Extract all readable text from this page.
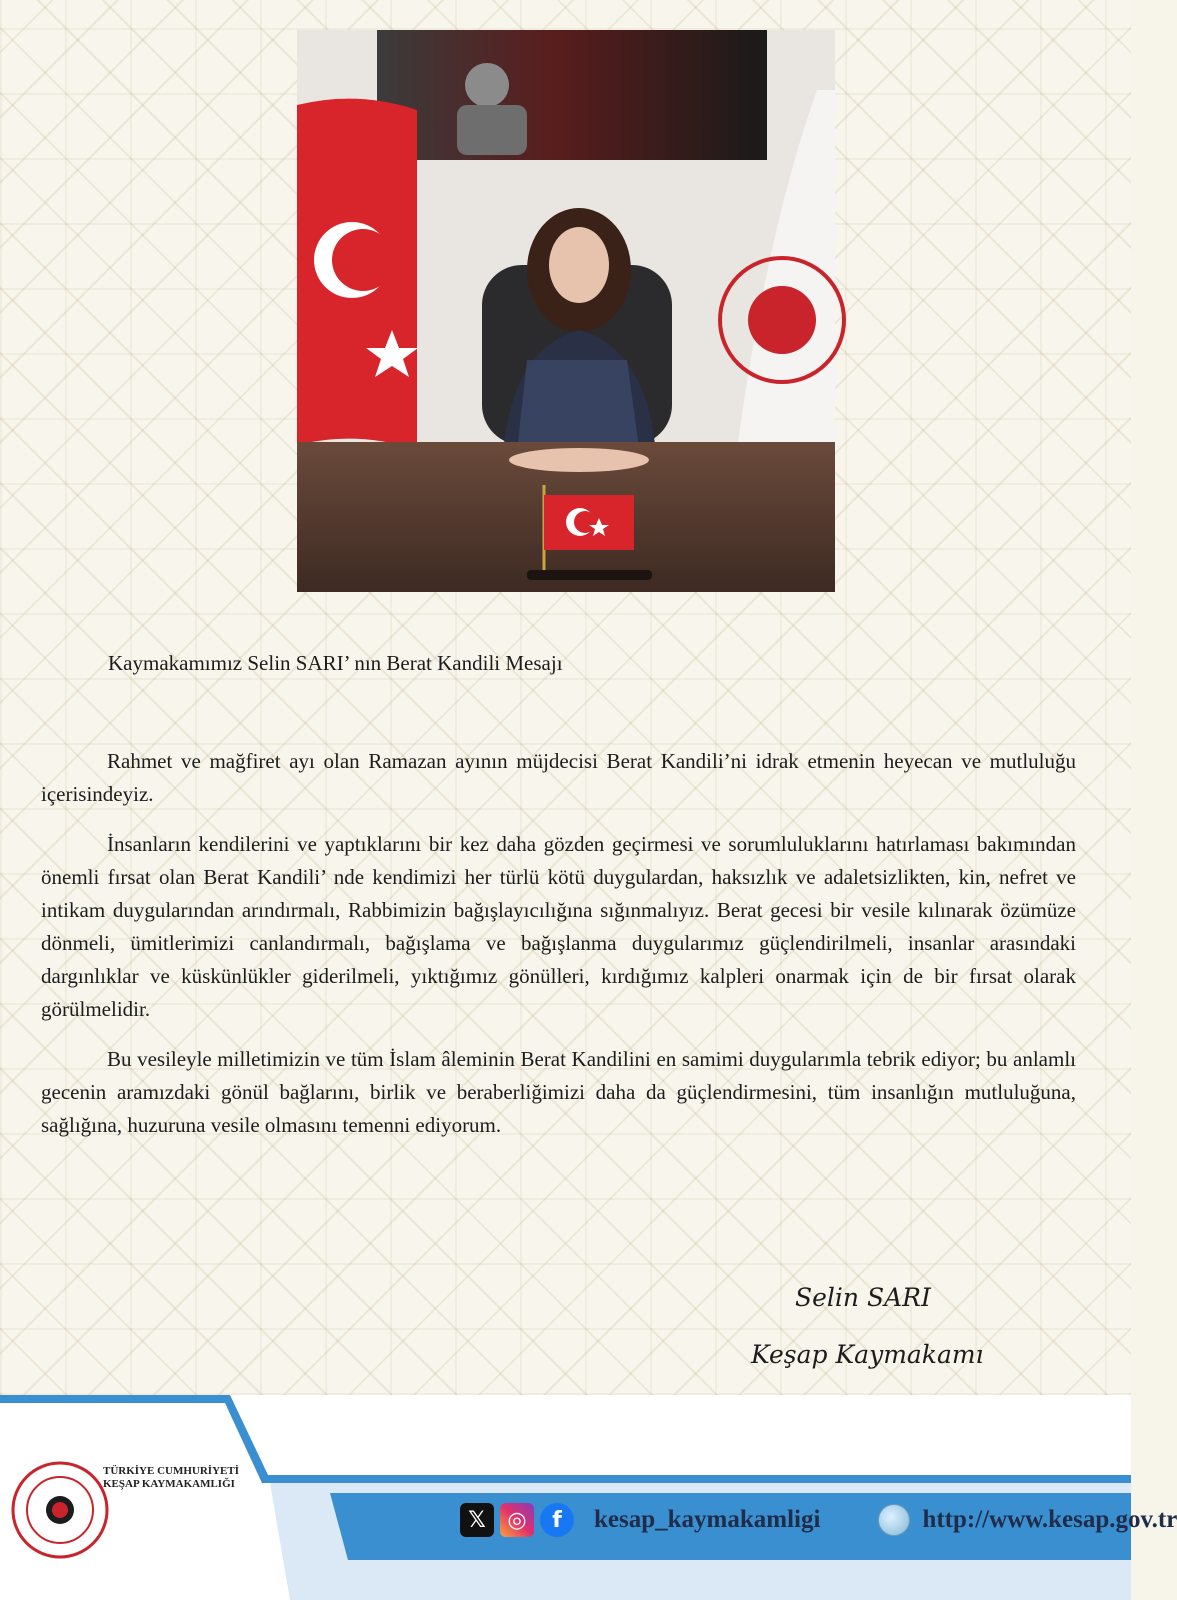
Kaymakamımız Selin SARI’ nın Berat Kandili Mesajı

Rahmet ve mağfiret ayı olan Ramazan ayının müjdecisi Berat Kandili’ni idrak etmenin heyecan ve mutluluğu içerisindeyiz.

İnsanların kendilerini ve yaptıklarını bir kez daha gözden geçirmesi ve sorumluluklarını hatırlaması bakımından önemli fırsat olan Berat Kandili’ nde kendimizi her türlü kötü duygulardan, haksızlık ve adaletsizlikten, kin, nefret ve intikam duygularından arındırmalı, Rabbimizin bağışlayıcılığına sığınmalıyız. Berat gecesi bir vesile kılınarak özümüze dönmeli, ümitlerimizi canlandırmalı, bağışlama ve bağışlanma duygularımız güçlendirilmeli, insanlar arasındaki dargınlıklar ve küskünlükler giderilmeli, yıktığımız gönülleri, kırdığımız kalpleri onarmak için de bir fırsat olarak görülmelidir.

Bu vesileyle milletimizin ve tüm İslam âleminin Berat Kandilini en samimi duygularımla tebrik ediyor; bu anlamlı gecenin aramızdaki gönül bağlarını, birlik ve beraberliğimizi daha da güçlendirmesini, tüm insanlığın mutluluğuna, sağlığına, huzuruna vesile olmasını temenni ediyorum.

Selin SARI
Keşap Kaymakamı
TÜRKİYE CUMHURİYETİ
KEŞAP KAYMAKAMLIĞI
𝕏 ◎	f	kesap_kaymakamligi	http://www.kesap.gov.tr
